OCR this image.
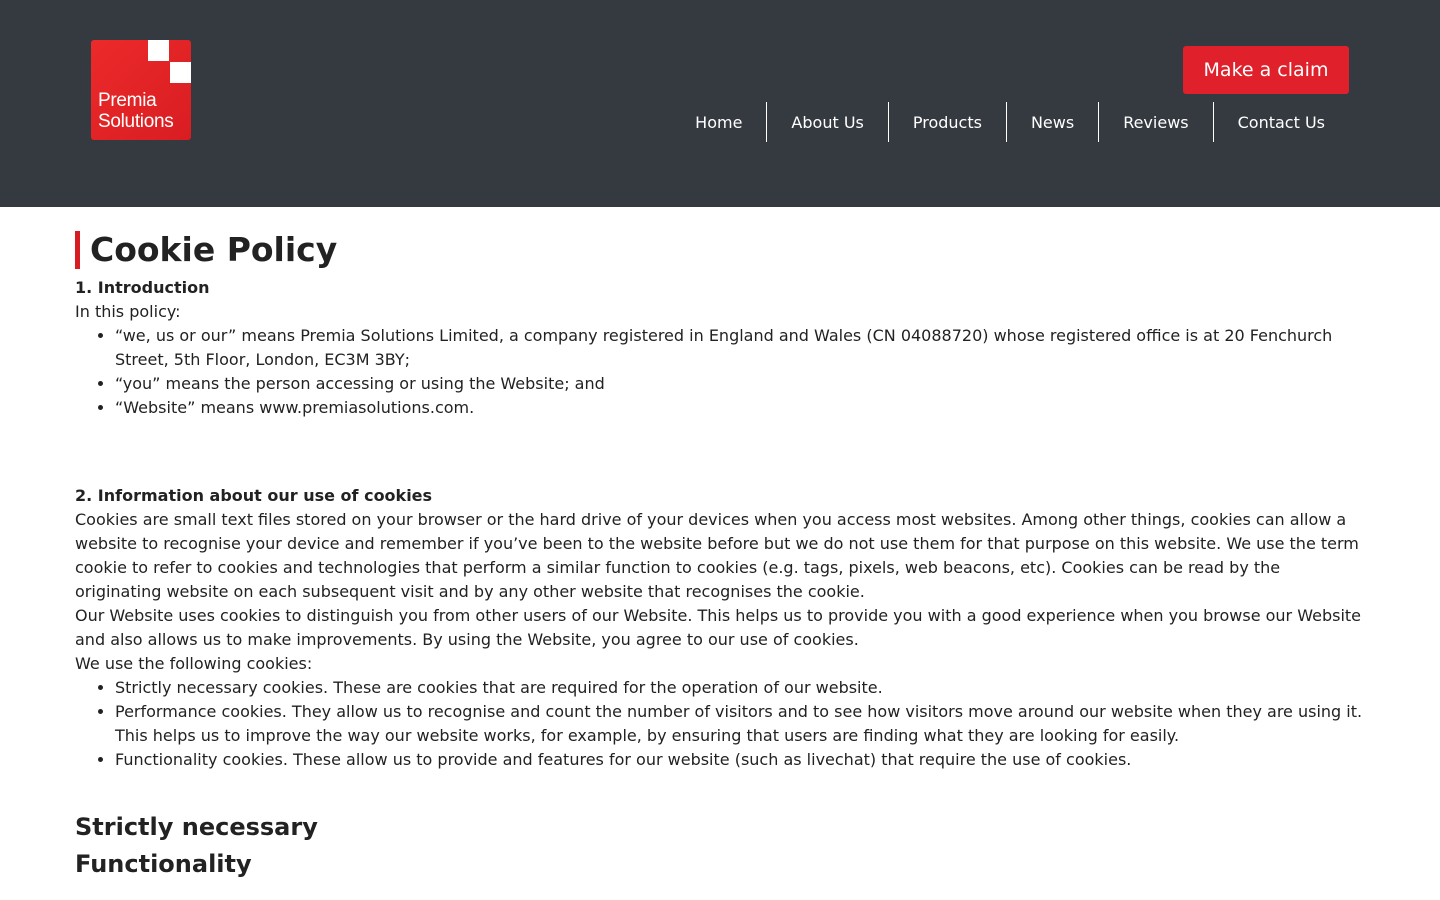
Premia
Solutions
Make a claim
Home	About Us	Products	News	Reviews	Contact Us
Cookie Policy
1. Introduction
In this policy:
• “we, us or our” means Premia Solutions Limited, a company registered in England and Wales (CN 04088720) whose registered office is at 20 Fenchurch Street, 5th Floor, London, EC3M 3BY;
• “you” means the person accessing or using the Website; and
• “Website” means www.premiasolutions.com.
2. Information about our use of cookies

Cookies are small text files stored on your browser or the hard drive of your devices when you access most websites. Among other things, cookies can allow a website to recognise your device and remember if you’ve been to the website before but we do not use them for that purpose on this website. We use the term cookie to refer to cookies and technologies that perform a similar function to cookies (e.g. tags, pixels, web beacons, etc). Cookies can be read by the originating website on each subsequent visit and by any other website that recognises the cookie.

Our Website uses cookies to distinguish you from other users of our Website. This helps us to provide you with a good experience when you browse our Website and also allows us to make improvements. By using the Website, you agree to our use of cookies.

We use the following cookies:

• Strictly necessary cookies. These are cookies that are required for the operation of our website.
• Performance cookies. They allow us to recognise and count the number of visitors and to see how visitors move around our website when they are using it. This helps us to improve the way our website works, for example, by ensuring that users are finding what they are looking for easily.
• Functionality cookies. These allow us to provide and features for our website (such as livechat) that require the use of cookies.
Strictly necessary
Functionality
